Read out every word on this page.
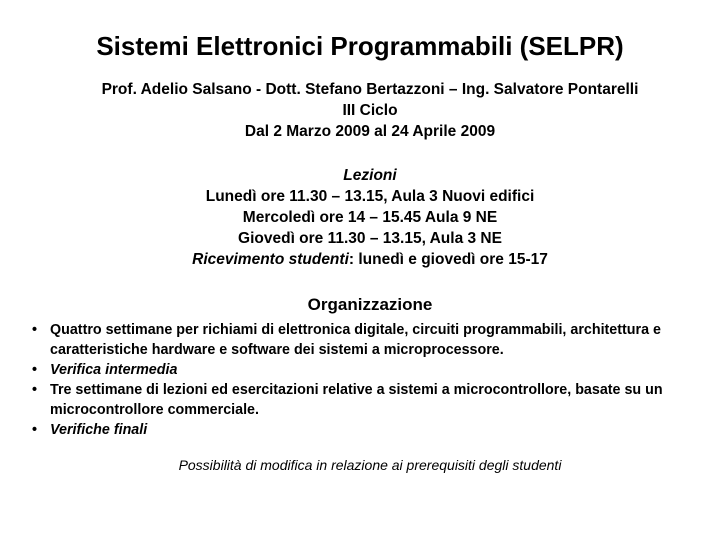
Sistemi Elettronici Programmabili (SELPR)
Prof. Adelio Salsano - Dott. Stefano Bertazzoni – Ing. Salvatore Pontarelli
III Ciclo
Dal 2 Marzo 2009 al 24 Aprile 2009
Lezioni
Lunedì ore 11.30 – 13.15, Aula 3 Nuovi edifici
Mercoledì ore 14 – 15.45 Aula 9 NE
Giovedì ore 11.30 – 13.15, Aula 3 NE
Ricevimento studenti: lunedì e giovedì ore 15-17
Organizzazione
• Quattro settimane per richiami di elettronica digitale, circuiti programmabili, architettura e caratteristiche hardware e software dei sistemi a microprocessore.
• Verifica intermedia
• Tre settimane di lezioni ed esercitazioni relative a sistemi a microcontrollore, basate su un microcontrollore commerciale.
• Verifiche finali
Possibilità di modifica in relazione ai prerequisiti degli studenti
